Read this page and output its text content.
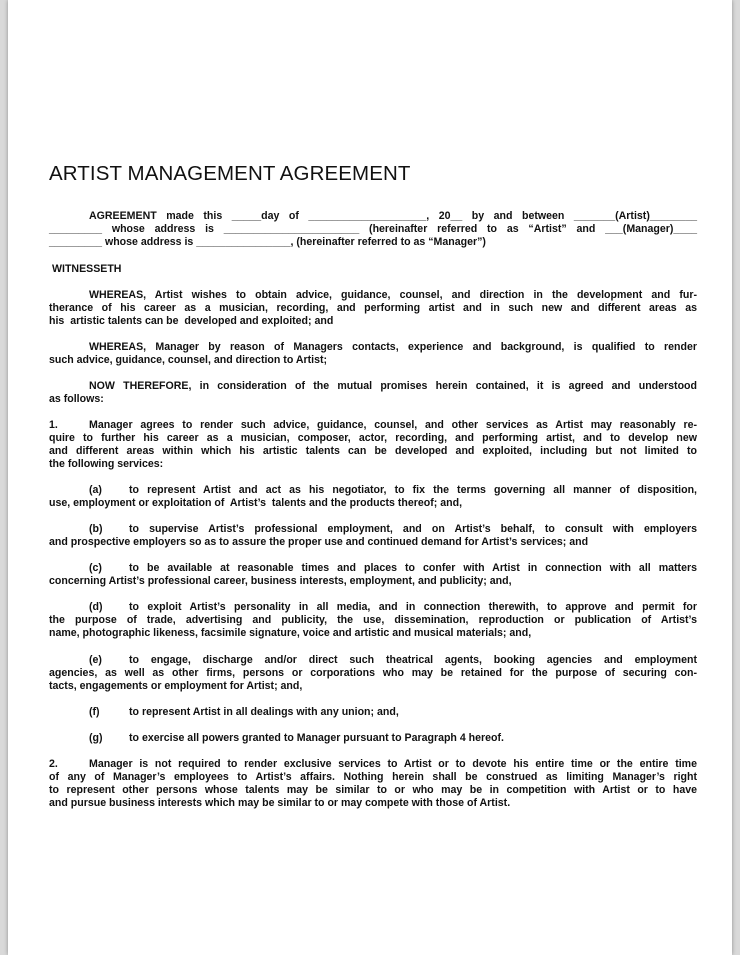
ARTIST MANAGEMENT AGREEMENT
AGREEMENT made this _____day of ____________________, 20__ by and between _______(Artist)________
_________ whose address is _______________________ (hereinafter referred to as “Artist” and ___(Manager)____
_________ whose address is ________________, (hereinafter referred to as “Manager”)
WITNESSETH
WHEREAS, Artist wishes to obtain advice, guidance, counsel, and direction in the development and fur-
therance of his career as a musician, recording, and performing artist and in such new and different areas as
his  artistic talents can be  developed and exploited; and
WHEREAS, Manager by reason of Managers contacts, experience and background, is qualified to render
such advice, guidance, counsel, and direction to Artist;
NOW THEREFORE, in consideration of the mutual promises herein contained, it is agreed and understood
as follows:
1.	Manager agrees to render such advice, guidance, counsel, and other services as Artist may reasonably re-
quire to further his career as a musician, composer, actor, recording, and performing artist, and to develop new
and different areas within which his artistic talents can be developed and exploited, including but not limited to
the following services:
(a)	to represent Artist and act as his negotiator, to fix the terms governing all manner of disposition,
use, employment or exploitation of  Artist’s  talents and the products thereof; and,
(b) to supervise Artist’s professional employment, and on Artist’s behalf, to consult with employers
and prospective employers so as to assure the proper use and continued demand for Artist’s services; and
(c)	to be available at reasonable times and places to confer with Artist in connection with all matters
concerning Artist’s professional career, business interests, employment, and publicity; and,
(d) to exploit Artist’s personality in all media, and in connection therewith, to approve and permit for
the purpose of trade, advertising and publicity, the use, dissemination, reproduction or publication of Artist’s
name, photographic likeness, facsimile signature, voice and artistic and musical materials; and,
(e)	to engage, discharge and/or direct such theatrical agents, booking agencies and employment
agencies, as well as other firms, persons or corporations who may be retained for the purpose of securing con-
tacts, engagements or employment for Artist; and,
(f)	to represent Artist in all dealings with any union; and,
(g) to exercise all powers granted to Manager pursuant to Paragraph 4 hereof.
2.	Manager is not required to render exclusive services to Artist or to devote his entire time or the entire time
of any of Manager’s employees to Artist’s affairs. Nothing herein shall be construed as limiting Manager’s right
to represent other persons whose talents may be similar to or who may be in competition with Artist or to have
and pursue business interests which may be similar to or may compete with those of Artist.
